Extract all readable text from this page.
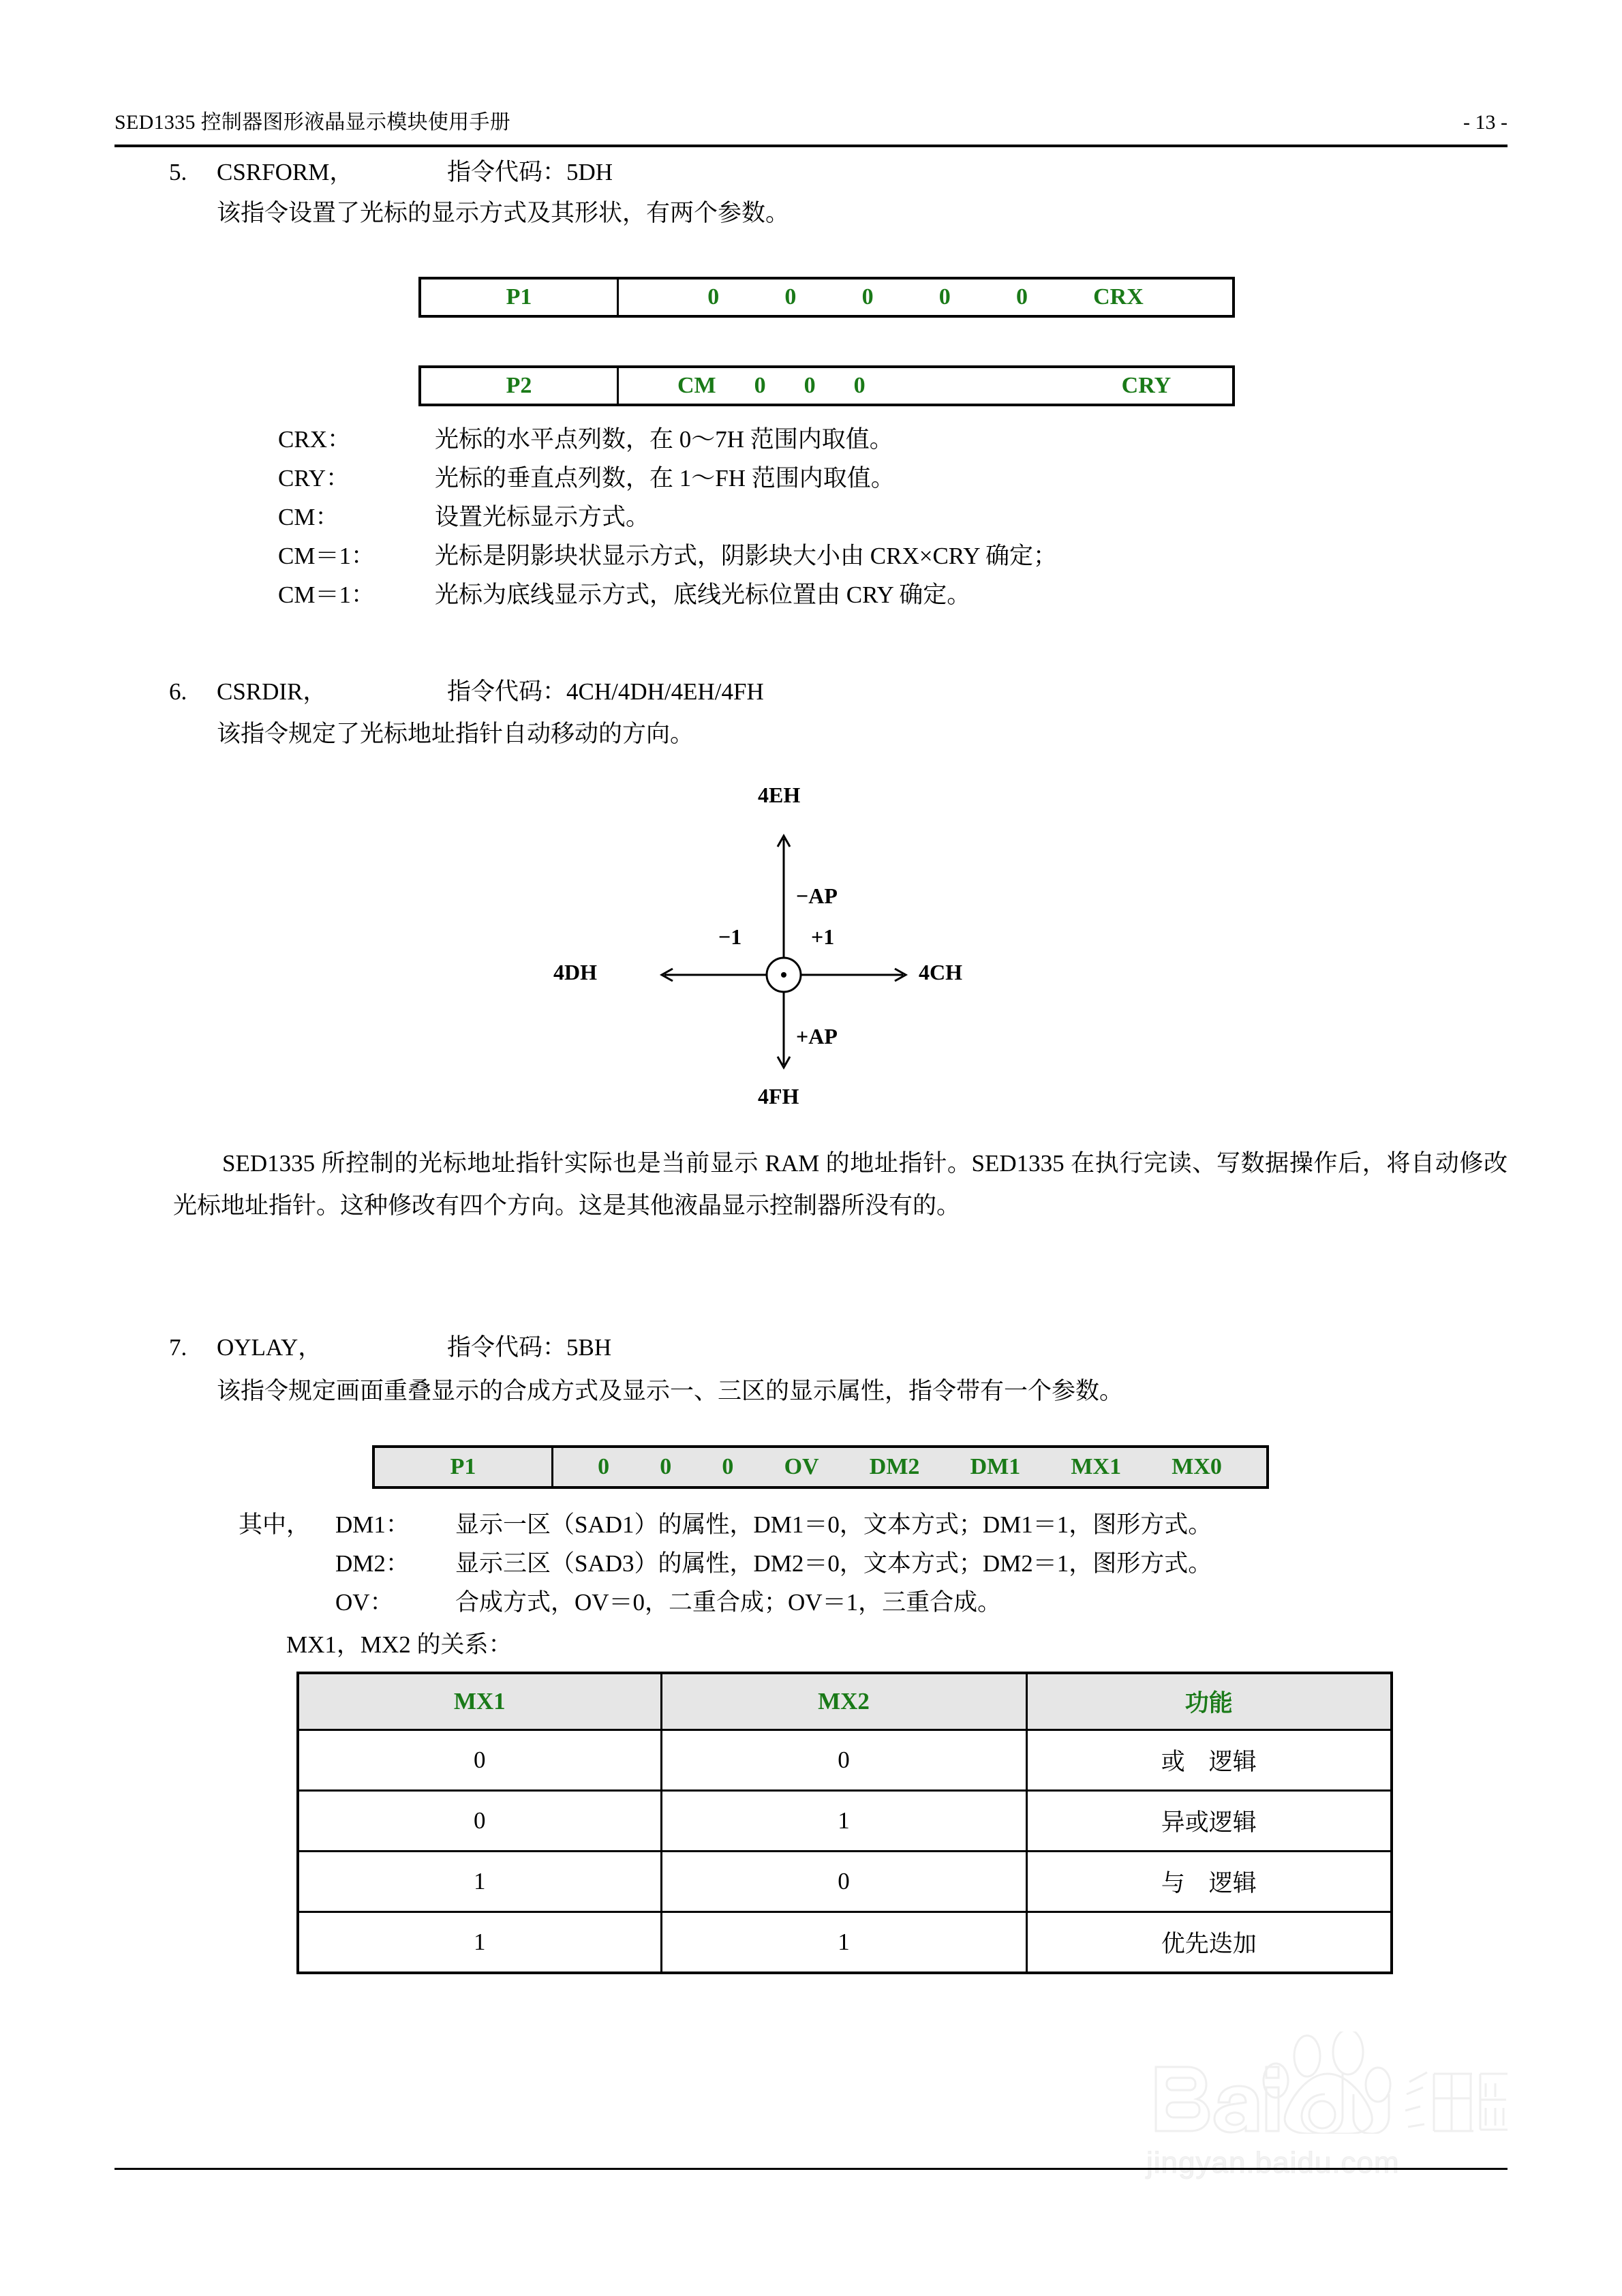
SED1335 控制器图形液晶显示模块使用手册	- 13 -
5. CSRFORM，	指令代码：5DH
该指令设置了光标的显示方式及其形状，有两个参数。
P1	0	0	0	0	0	CRX
P2	CM 0 0 0	CRY
CRX：	光标的水平点列数，在 0～7H 范围内取值。
CRY：	光标的垂直点列数，在 1～FH 范围内取值。
CM：	设置光标显示方式。
CM＝1：	光标是阴影块状显示方式，阴影块大小由 CRX×CRY 确定；
CM＝1：	光标为底线显示方式，底线光标位置由 CRY 确定。
6. CSRDIR，	指令代码：4CH/4DH/4EH/4FH
该指令规定了光标地址指针自动移动的方向。
4EH
4FH
4DH	4CH
−AP
+AP
−1	+1
SED1335 所控制的光标地址指针实际也是当前显示 RAM 的地址指针。SED1335 在执行完读、写数据操作后，将自动修改光标地址指针。这种修改有四个方向。这是其他液晶显示控制器所没有的。
7. OYLAY，	指令代码：5BH
该指令规定画面重叠显示的合成方式及显示一、三区的显示属性，指令带有一个参数。
P1	0 0 0 OV DM2 DM1 MX1 MX0
其中，	DM1：	显示一区（SAD1）的属性，DM1＝0，文本方式；DM1＝1，图形方式。
DM2：	显示三区（SAD3）的属性，DM2＝0，文本方式；DM2＝1，图形方式。
OV：	合成方式，OV＝0，二重合成；OV＝1，三重合成。
MX1，MX2 的关系：
MX1	MX2	功能
0	0	或　逻辑
0	1	异或逻辑
1	0	与　逻辑
1	1	优先迭加
jingyan.baidu.com
